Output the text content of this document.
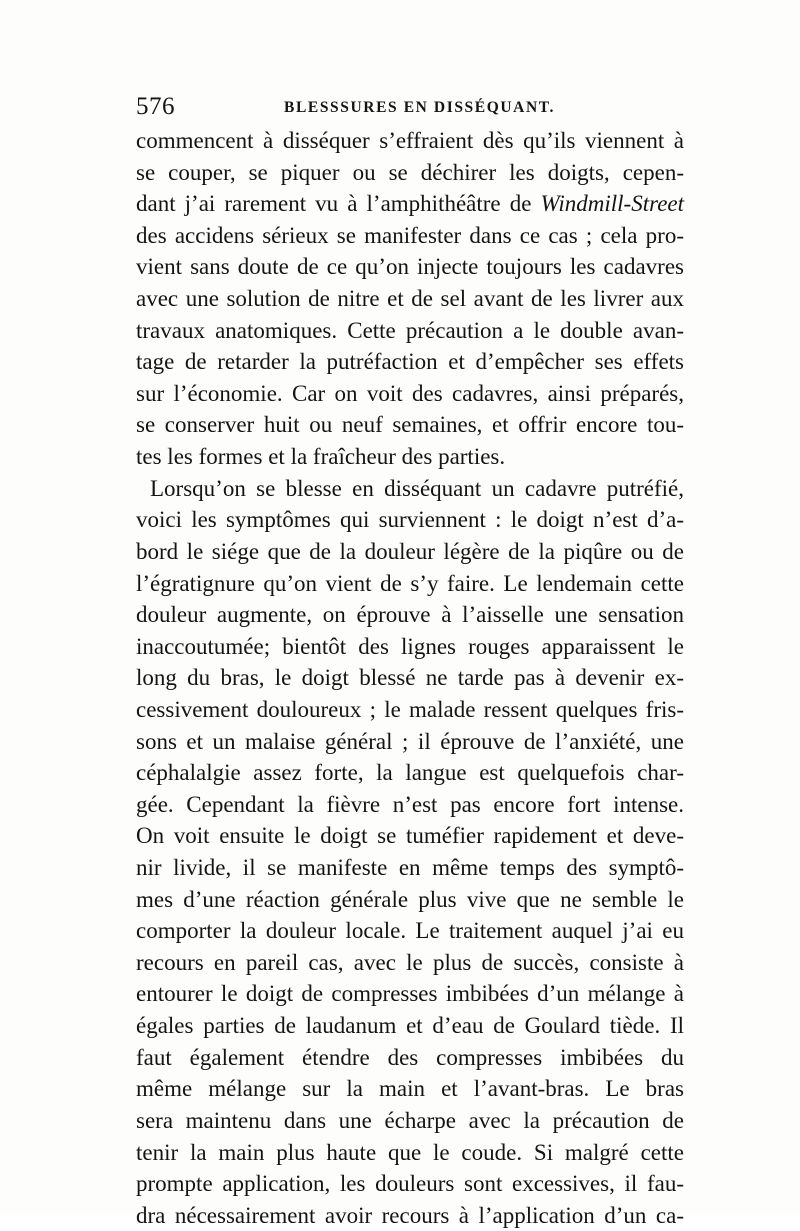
576	BLESSSURES EN DISSÉQUANT.
commencent à disséquer s’effraient dès qu’ils viennent à
se couper, se piquer ou se déchirer les doigts, cepen-
dant j’ai rarement vu à l’amphithéâtre de Windmill-Street
des accidens sérieux se manifester dans ce cas ; cela pro-
vient sans doute de ce qu’on injecte toujours les cadavres
avec une solution de nitre et de sel avant de les livrer aux
travaux anatomiques. Cette précaution a le double avan-
tage de retarder la putréfaction et d’empêcher ses effets
sur l’économie. Car on voit des cadavres, ainsi préparés,
se conserver huit ou neuf semaines, et offrir encore tou-
tes les formes et la fraîcheur des parties.
Lorsqu’on se blesse en disséquant un cadavre putréfié,
voici les symptômes qui surviennent : le doigt n’est d’a-
bord le siége que de la douleur légère de la piqûre ou de
l’égratignure qu’on vient de s’y faire. Le lendemain cette
douleur augmente, on éprouve à l’aisselle une sensation
inaccoutumée; bientôt des lignes rouges apparaissent le
long du bras, le doigt blessé ne tarde pas à devenir ex-
cessivement douloureux ; le malade ressent quelques fris-
sons et un malaise général ; il éprouve de l’anxiété, une
céphalalgie assez forte, la langue est quelquefois char-
gée. Cependant la fièvre n’est pas encore fort intense.
On voit ensuite le doigt se tuméfier rapidement et deve-
nir livide, il se manifeste en même temps des symptô-
mes d’une réaction générale plus vive que ne semble le
comporter la douleur locale. Le traitement auquel j’ai eu
recours en pareil cas, avec le plus de succès, consiste à
entourer le doigt de compresses imbibées d’un mélange à
égales parties de laudanum et d’eau de Goulard tiède. Il
faut également étendre des compresses imbibées du
même mélange sur la main et l’avant-bras. Le bras
sera maintenu dans une écharpe avec la précaution de
tenir la main plus haute que le coude. Si malgré cette
prompte application, les douleurs sont excessives, il fau-
dra nécessairement avoir recours à l’application d’un ca-
